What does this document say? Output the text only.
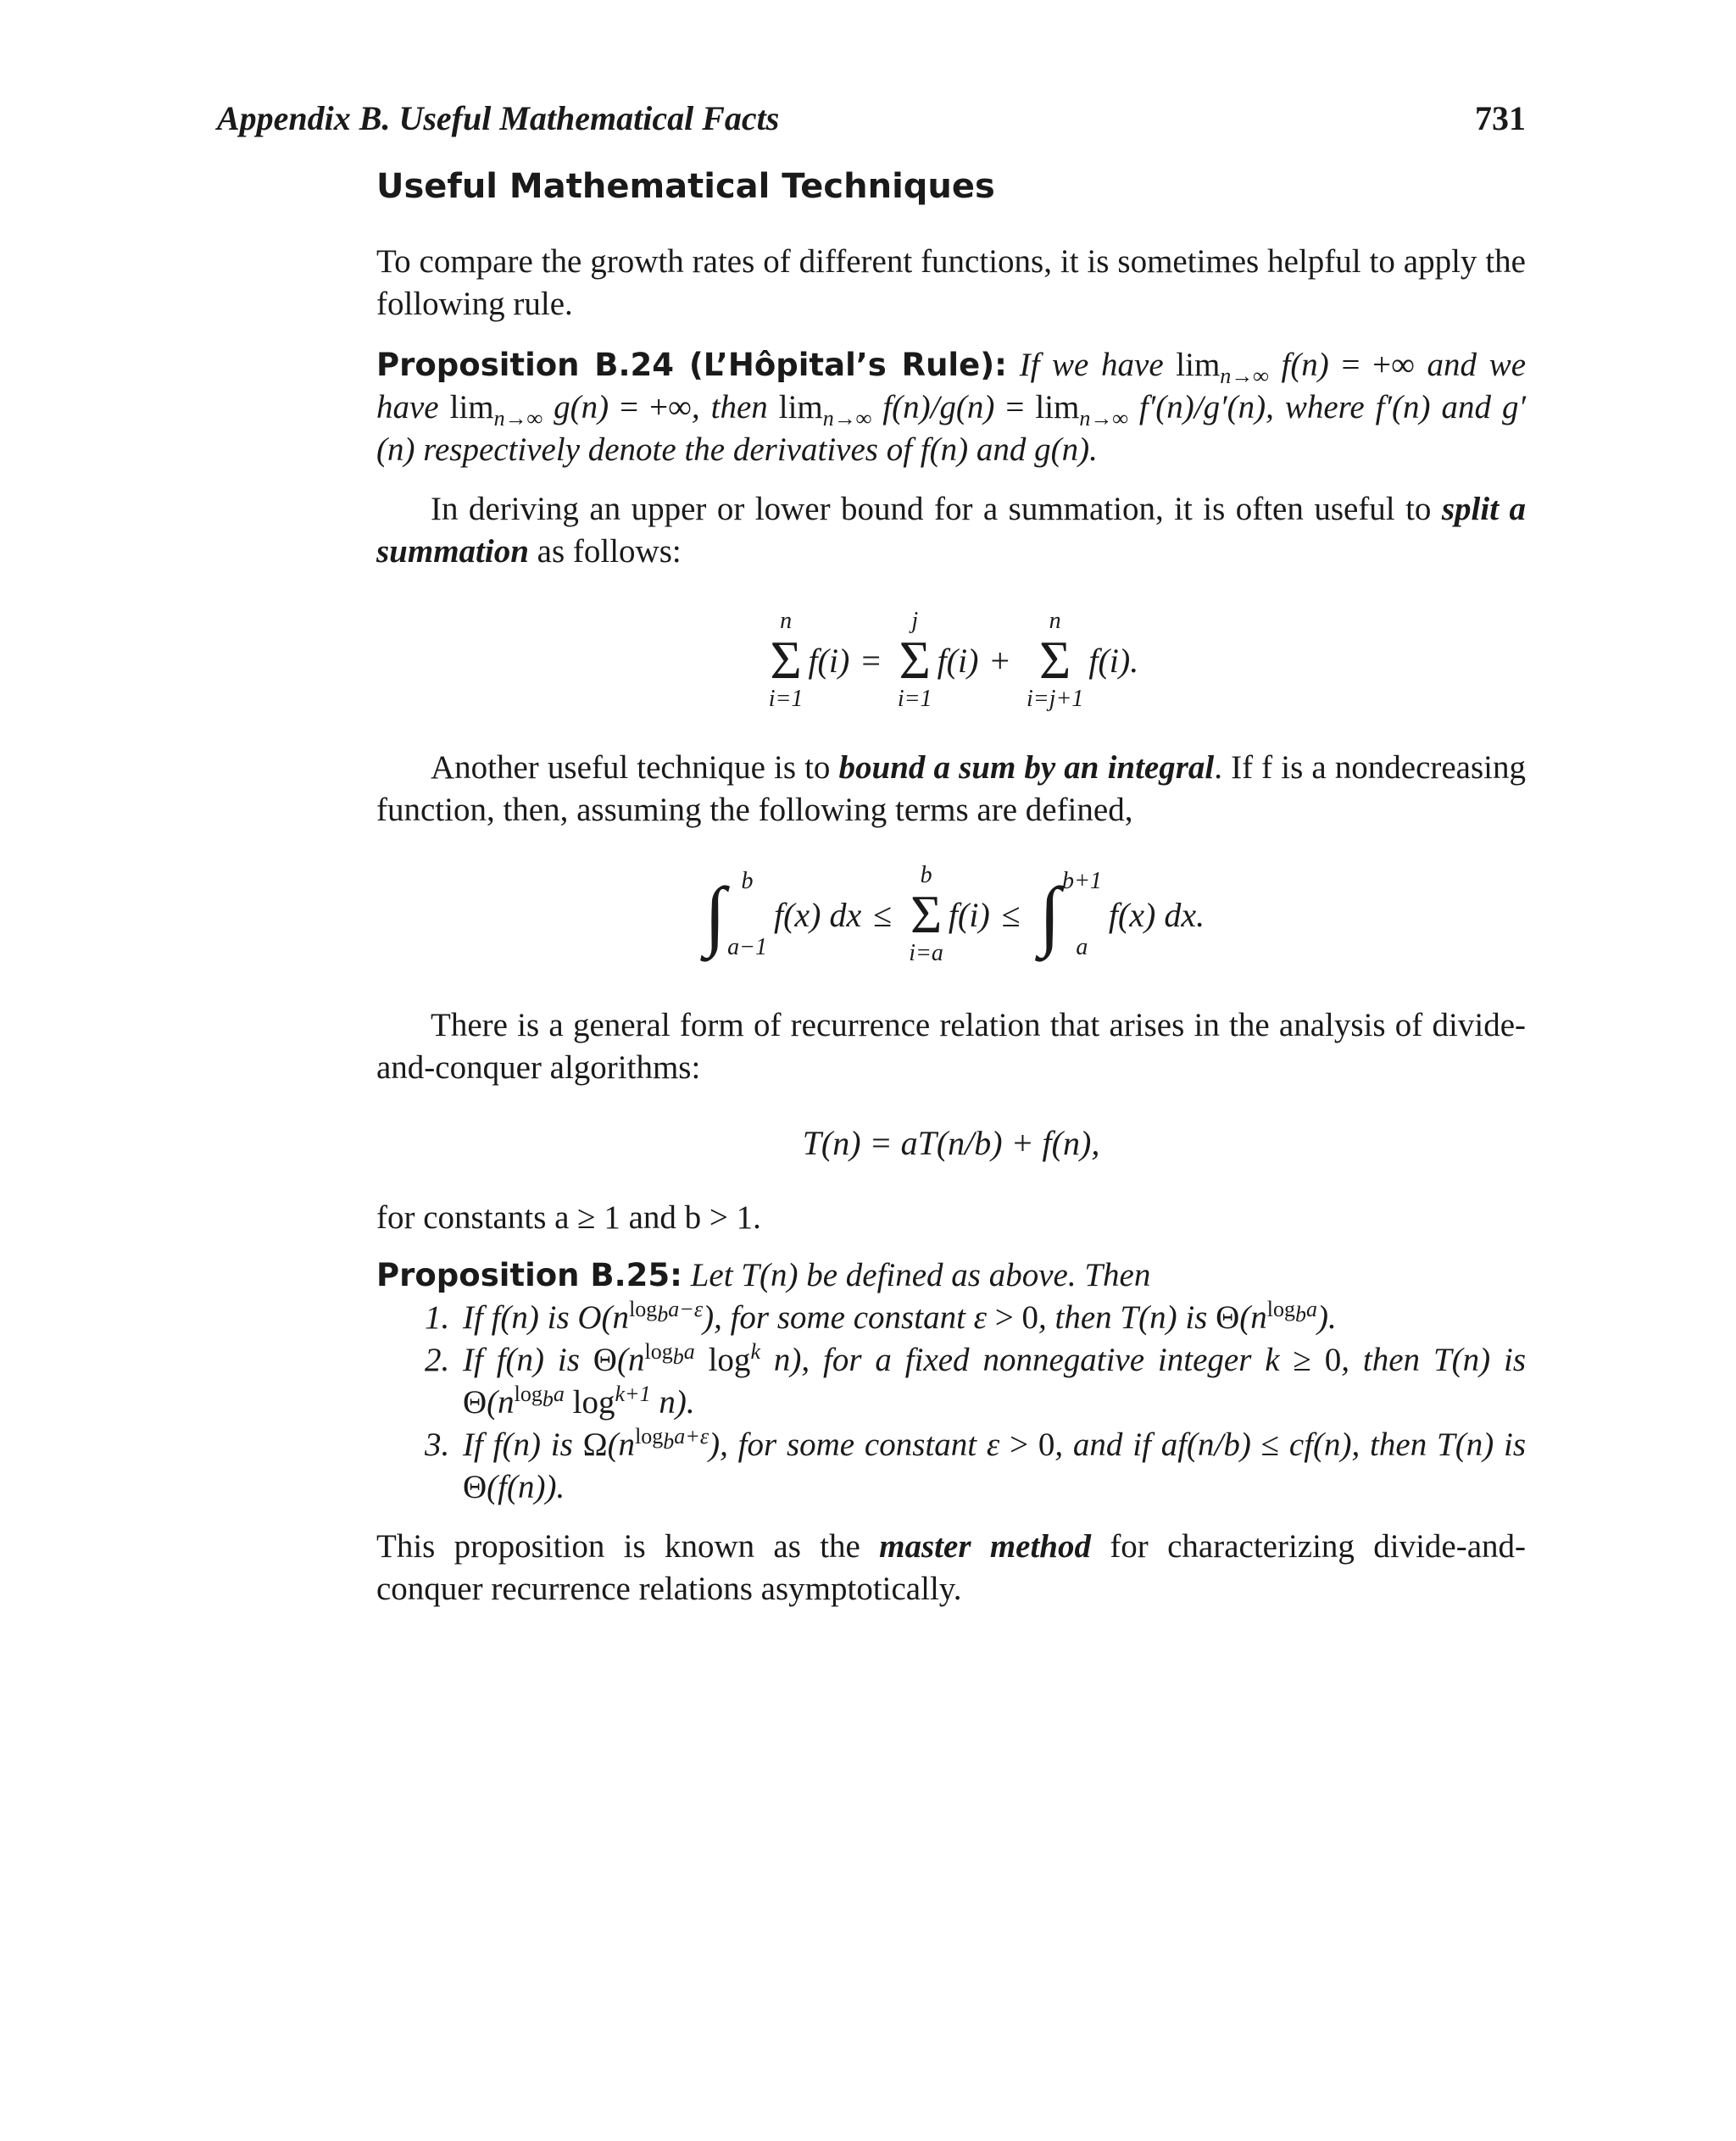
Appendix B. Useful Mathematical Facts	731
Useful Mathematical Techniques

To compare the growth rates of different functions, it is sometimes helpful to apply the following rule.

Proposition B.24 (L’Hôpital’s Rule): If we have $\lim_{n\to\infty} f(n)$ = +∞ and we have $\lim_{n\to\infty} g(n)$ = +∞, then $\lim_{n\to\infty} f(n)/g(n) = \lim_{n\to\infty} f'(n)/g'(n)$, where f′(n) and g′(n) respectively denote the derivatives of f(n) and g(n).

In deriving an upper or lower bound for a summation, it is often useful to split a summation as follows:

n
Σ
i=1
f(i) =
j
Σ
i=1
f(i) +
n
Σ
i=j+1
f(i).

Another useful technique is to bound a sum by an integral. If f is a nondecreasing function, then, assuming the following terms are defined,

∫ b
a−1
f(x)
dx ≤
b
Σ
i=a
f(i) ≤ ∫ b+1
a
f(x)
dx.

There is a general form of recurrence relation that arises in the analysis of divide-and-conquer algorithms:

T(n) = aT(n/b) + f(n),

for constants a ≥ 1 and b > 1.

Proposition B.25: Let T(n) be defined as above. Then
1. If f(n) is $O(n^{log_ba-\varepsilon})$, for some constant ε > 0, then T(n) is $\Theta(n^{log_ba})$.
2. If f(n) is $\Theta(n^{log_ba}$ $\log^k n$), for a fixed nonnegative integer k ≥ 0, then T(n) is $\Theta(n^{log_ba}$ $\log^{k+1} n$).
3. If f(n) is $\Omega(n^{log_ba+\varepsilon})$, for some constant ε > 0, and if af(n/b) ≤ cf(n), then T(n) is Θ(f(n)).

This proposition is known as the master method for characterizing divide-and-conquer recurrence relations asymptotically.
